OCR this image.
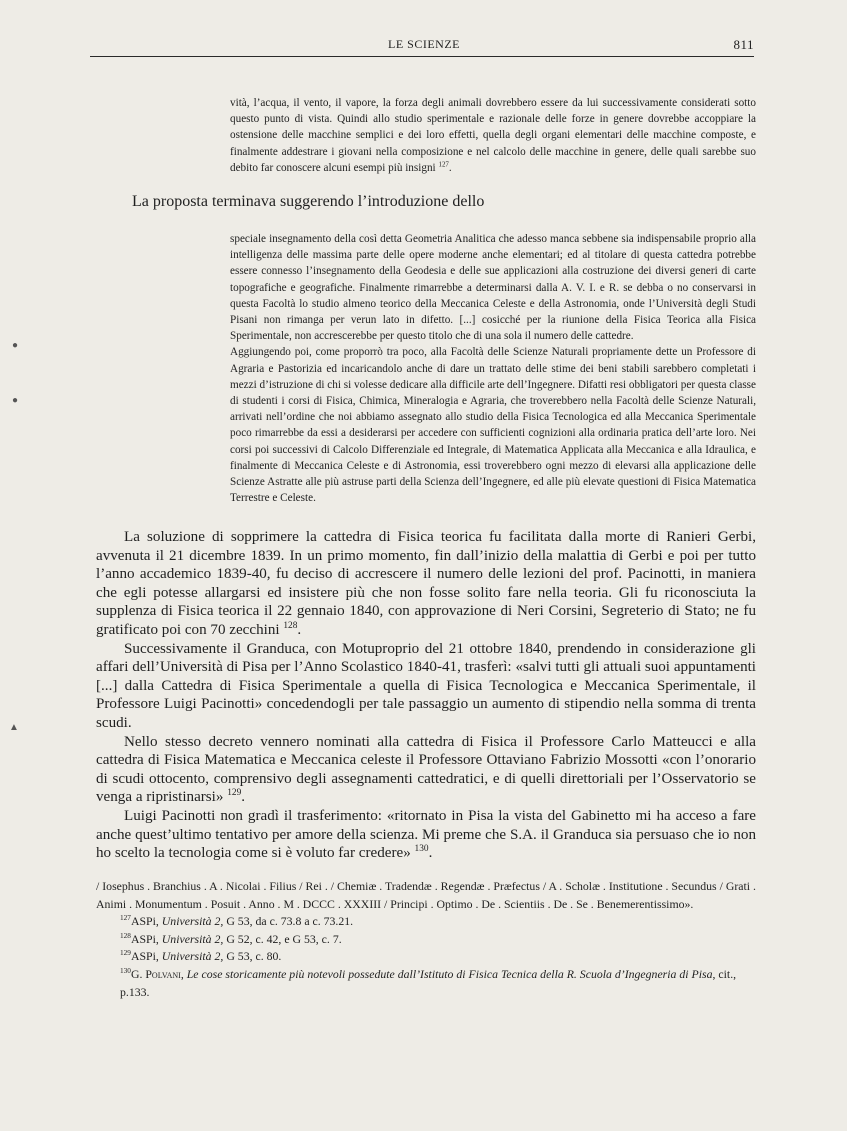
LE SCIENZE	811
vità, l’acqua, il vento, il vapore, la forza degli animali dovrebbero essere da lui successivamente considerati sotto questo punto di vista. Quindi allo studio sperimentale e razionale delle forze in genere dovrebbe accoppiare la ostensione delle macchine semplici e dei loro effetti, quella degli organi elementari delle macchine composte, e finalmente addestrare i giovani nella composizione e nel calcolo delle macchine in genere, delle quali sarebbe suo debito far conoscere alcuni esempi più insigni $^{127}$.
La proposta terminava suggerendo l’introduzione dello
speciale insegnamento della così detta Geometria Analitica che adesso manca sebbene sia indispensabile proprio alla intelligenza delle massima parte delle opere moderne anche elementari; ed al titolare di questa cattedra potrebbe essere connesso l’insegnamento della Geodesia e delle sue applicazioni alla costruzione dei diversi generi di carte topografiche e geografiche. Finalmente rimarrebbe a determinarsi dalla A. V. I. e R. se debba o no conservarsi in questa Facoltà lo studio almeno teorico della Meccanica Celeste e della Astronomia, onde l’Università degli Studi Pisani non rimanga per verun lato in difetto. [...] cosicché per la riunione della Fisica Teorica alla Fisica Sperimentale, non accrescerebbe per questo titolo che di una sola il numero delle cattedre.
Aggiungendo poi, come proporrò tra poco, alla Facoltà delle Scienze Naturali propriamente dette un Professore di Agraria e Pastorizia ed incaricandolo anche di dare un trattato delle stime dei beni stabili sarebbero completati i mezzi d’istruzione di chi si volesse dedicare alla difficile arte dell’Ingegnere. Difatti resi obbligatori per questa classe di studenti i corsi di Fisica, Chimica, Mineralogia e Agraria, che troverebbero nella Facoltà delle Scienze Naturali, arrivati nell’ordine che noi abbiamo assegnato allo studio della Fisica Tecnologica ed alla Meccanica Sperimentale poco rimarrebbe da essi a desiderarsi per accedere con sufficienti cognizioni alla ordinaria pratica dell’arte loro. Nei corsi poi successivi di Calcolo Differenziale ed Integrale, di Matematica Applicata alla Meccanica e alla Idraulica, e finalmente di Meccanica Celeste e di Astronomia, essi troverebbero ogni mezzo di elevarsi alla applicazione delle Scienze Astratte alle più astruse parti della Scienza dell’Ingegnere, ed alle più elevate questioni di Fisica Matematica Terrestre e Celeste.

La soluzione di sopprimere la cattedra di Fisica teorica fu facilitata dalla morte di Ranieri Gerbi, avvenuta il 21 dicembre 1839. In un primo momento, fin dall’inizio della malattia di Gerbi e poi per tutto l’anno accademico 1839-40, fu deciso di accrescere il numero delle lezioni del prof. Pacinotti, in maniera che egli potesse allargarsi ed insistere più che non fosse solito fare nella teoria. Gli fu riconosciuta la supplenza di Fisica teorica il 22 gennaio 1840, con approvazione di Neri Corsini, Segreterio di Stato; ne fu gratificato poi con 70 zecchini $^{128}$.

Successivamente il Granduca, con Motuproprio del 21 ottobre 1840, prendendo in considerazione gli affari dell’Università di Pisa per l’Anno Scolastico 1840-41, trasferì: «salvi tutti gli attuali suoi appuntamenti [...] dalla Cattedra di Fisica Sperimentale a quella di Fisica Tecnologica e Meccanica Sperimentale, il Professore Luigi Pacinotti» concedendogli per tale passaggio un aumento di stipendio nella somma di trenta scudi.

Nello stesso decreto vennero nominati alla cattedra di Fisica il Professore Carlo Matteucci e alla cattedra di Fisica Matematica e Meccanica celeste il Professore Ottaviano Fabrizio Mossotti «con l’onorario di scudi ottocento, comprensivo degli assegnamenti cattedratici, e di quelli direttoriali per l’Osservatorio se venga a ripristinarsi» $^{129}$.

Luigi Pacinotti non gradì il trasferimento: «ritornato in Pisa la vista del Gabinetto mi ha acceso a fare anche quest’ultimo tentativo per amore della scienza. Mi preme che S.A. il Granduca sia persuaso che io non ho scelto la tecnologia come si è voluto far credere» $^{130}$.

/ Iosephus . Branchius . A . Nicolai . Filius / Rei . / Chemiæ . Tradendæ . Regendæ . Præfectus / A . Scholæ . Institutione . Secundus / Grati . Animi . Monumentum . Posuit . Anno . M . DCCC . XXXIII / Principi . Optimo . De . Scientiis . De . Se . Benemerentissimo».

$^{127}$ASPi, Università 2, G 53, da c. 73.8 a c. 73.21.

$^{128}$ASPi, Università 2, G 52, c. 42, e G 53, c. 7.

$^{129}$ASPi, Università 2, G 53, c. 80.

$^{130}$G. Polvani, Le cose storicamente più notevoli possedute dall’Istituto di Fisica Tecnica della R. Scuola d’Ingegneria di Pisa, cit., p.133.

●
●
▲
